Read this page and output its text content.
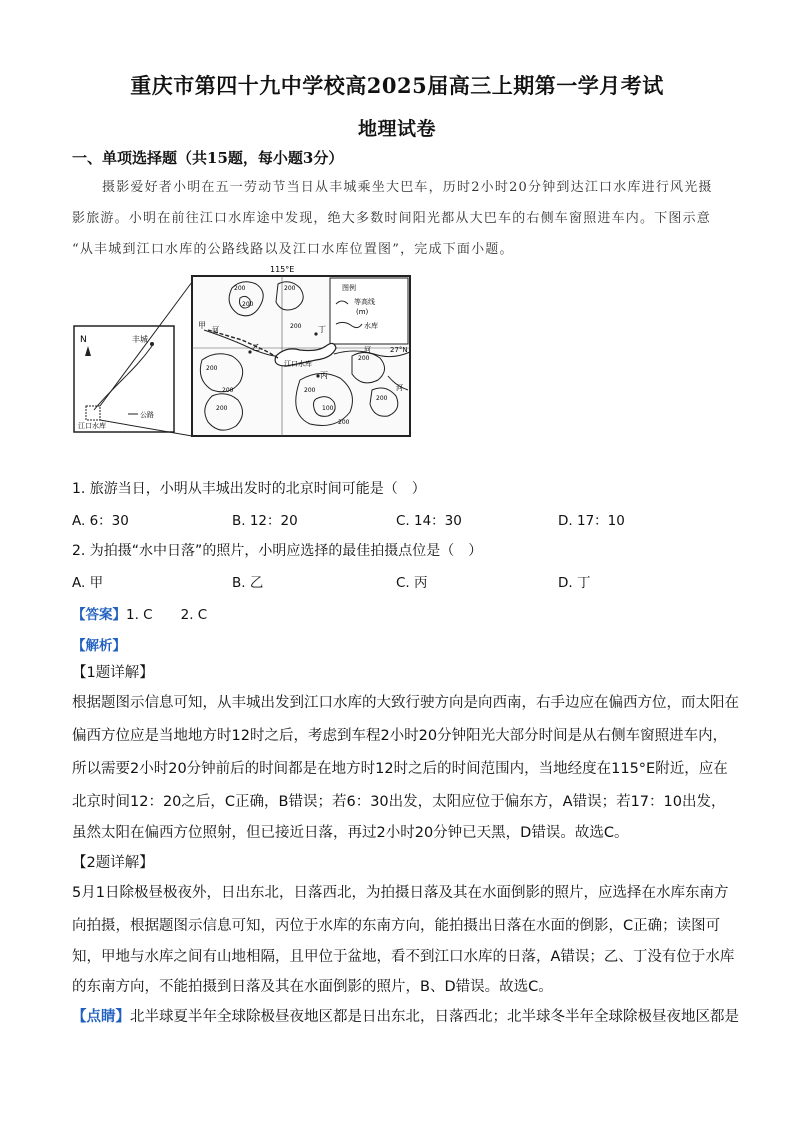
重庆市第四十九中学校高2025届高三上期第一学月考试
地理试卷
一、单项选择题（共15题，每小题3分）
摄影爱好者小明在五一劳动节当日从丰城乘坐大巴车，历时2小时20分钟到达江口水库进行风光摄
影旅游。小明在前往江口水库途中发现，绝大多数时间阳光都从大巴车的右侧车窗照进车内。下图示意
“从丰城到江口水库的公路线路以及江口水库位置图”，完成下面小题。
N	丰城
江口水库
公路
115°E
27°N
图例
等高线
(m)
水库
河
河
河
江口水库
甲
乙
丙
丁
200
200
200
200
200
200
200
200
200
200
100
200
1. 旅游当日，小明从丰城出发时的北京时间可能是（　）
A. 6：30	B. 12：20	C. 14：30	D. 17：10
2. 为拍摄“水中日落”的照片，小明应选择的最佳拍摄点位是（　）
A. 甲	B. 乙	C. 丙	D. 丁
【答案】1. C 2. C
【解析】
【1题详解】
根据题图示信息可知，从丰城出发到江口水库的大致行驶方向是向西南，右手边应在偏西方位，而太阳在
偏西方位应是当地地方时12时之后，考虑到车程2小时20分钟阳光大部分时间是从右侧车窗照进车内，
所以需要2小时20分钟前后的时间都是在地方时12时之后的时间范围内，当地经度在115°E附近，应在
北京时间12：20之后，C正确，B错误；若6：30出发，太阳应位于偏东方，A错误；若17：10出发，
虽然太阳在偏西方位照射，但已接近日落，再过2小时20分钟已天黑，D错误。故选C。
【2题详解】
5月1日除极昼极夜外，日出东北，日落西北，为拍摄日落及其在水面倒影的照片，应选择在水库东南方
向拍摄，根据题图示信息可知，丙位于水库的东南方向，能拍摄出日落在水面的倒影，C正确；读图可
知，甲地与水库之间有山地相隔，且甲位于盆地，看不到江口水库的日落，A错误；乙、丁没有位于水库
的东南方向，不能拍摄到日落及其在水面倒影的照片，B、D错误。故选C。
【点睛】北半球夏半年全球除极昼夜地区都是日出东北，日落西北；北半球冬半年全球除极昼夜地区都是
